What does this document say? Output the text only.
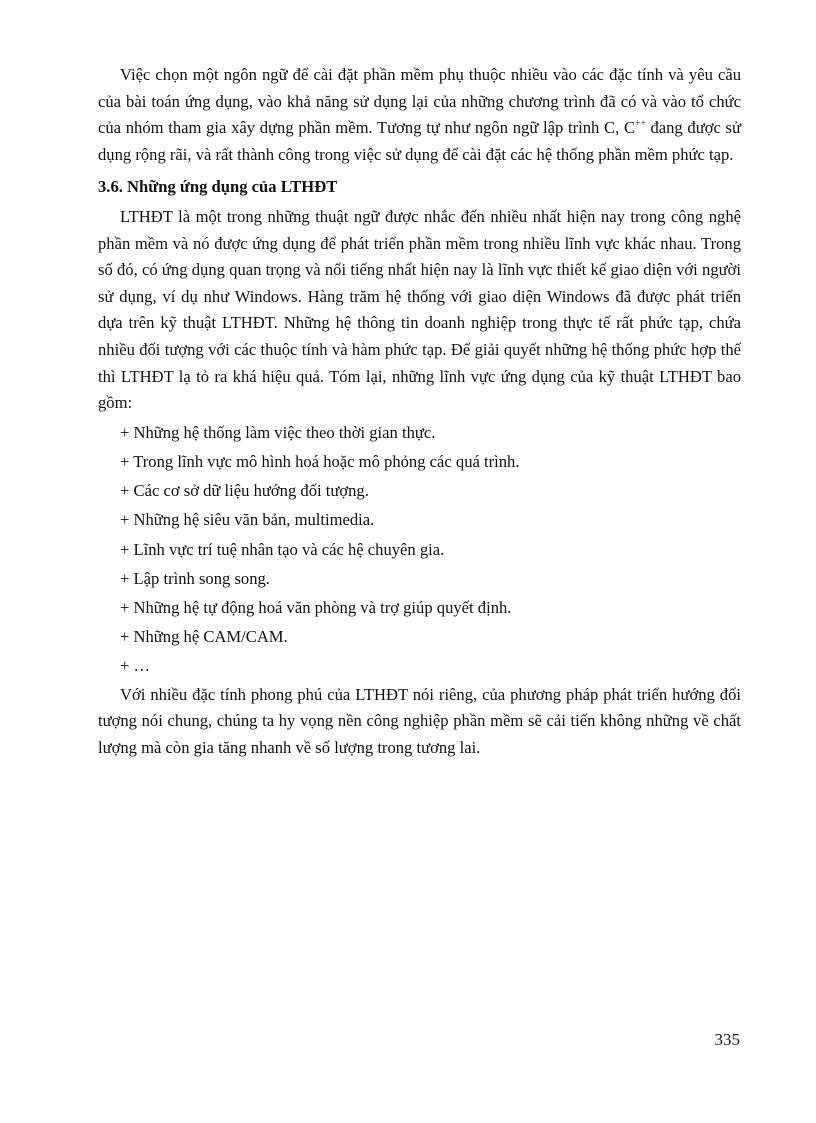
Việc chọn một ngôn ngữ để cài đặt phần mềm phụ thuộc nhiều vào các đặc tính và yêu cầu của bài toán ứng dụng, vào khả năng sử dụng lại của những chương trình đã có và vào tổ chức của nhóm tham gia xây dựng phần mềm. Tương tự như ngôn ngữ lập trình C, C++ đang được sử dụng rộng rãi, và rất thành công trong việc sử dụng để cài đặt các hệ thống phần mềm phức tạp.

3.6. Những ứng dụng của LTHĐT

LTHĐT là một trong những thuật ngữ được nhắc đến nhiều nhất hiện nay trong công nghệ phần mềm và nó được ứng dụng để phát triển phần mềm trong nhiều lĩnh vực khác nhau. Trong số đó, có ứng dụng quan trọng và nổi tiếng nhất hiện nay là lĩnh vực thiết kế giao diện với người sử dụng, ví dụ như Windows. Hàng trăm hệ thống với giao diện Windows đã được phát triển dựa trên kỹ thuật LTHĐT. Những hệ thông tin doanh nghiệp trong thực tế rất phức tạp, chứa nhiều đối tượng với các thuộc tính và hàm phức tạp. Để giải quyết những hệ thống phức hợp thế thì LTHĐT lạ tỏ ra khá hiệu quả. Tóm lại, những lĩnh vực ứng dụng của kỹ thuật LTHĐT bao gồm:

+ Những hệ thống làm việc theo thời gian thực.
+ Trong lĩnh vực mô hình hoá hoặc mô phỏng các quá trình.
+ Các cơ sở dữ liệu hướng đối tượng.
+ Những hệ siêu văn bản, multimedia.
+ Lĩnh vực trí tuệ nhân tạo và các hệ chuyên gia.
+ Lập trình song song.
+ Những hệ tự động hoá văn phòng và trợ giúp quyết định.
+ Những hệ CAM/CAM.
+ …

Với nhiều đặc tính phong phú của LTHĐT nói riêng, của phương pháp phát triển hướng đối tượng nói chung, chúng ta hy vọng nền công nghiệp phần mềm sẽ cải tiến không những về chất lượng mà còn gia tăng nhanh về số lượng trong tương lai.

335
